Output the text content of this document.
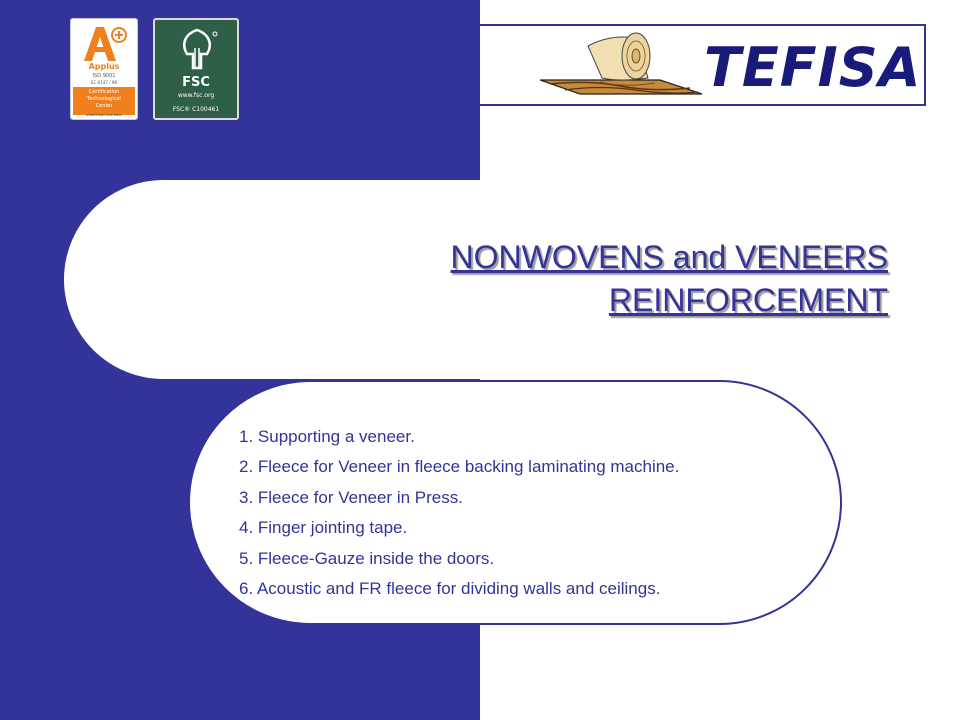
NONWOVENS and VENEERS
REINFORCEMENT
1. Supporting a veneer.
2. Fleece for Veneer in fleece backing laminating machine.
3. Fleece for Veneer in Press.
4. Finger jointing tape.
5. Fleece-Gauze inside the doors.
6. Acoustic and FR fleece for dividing walls and ceilings.
TEFISA
Applus
ISO 9001
EC-0147 / 98
Certification
Technological
Center
ACREDITADO POR ENAC
FSC
www.fsc.org
FSC® C100461
